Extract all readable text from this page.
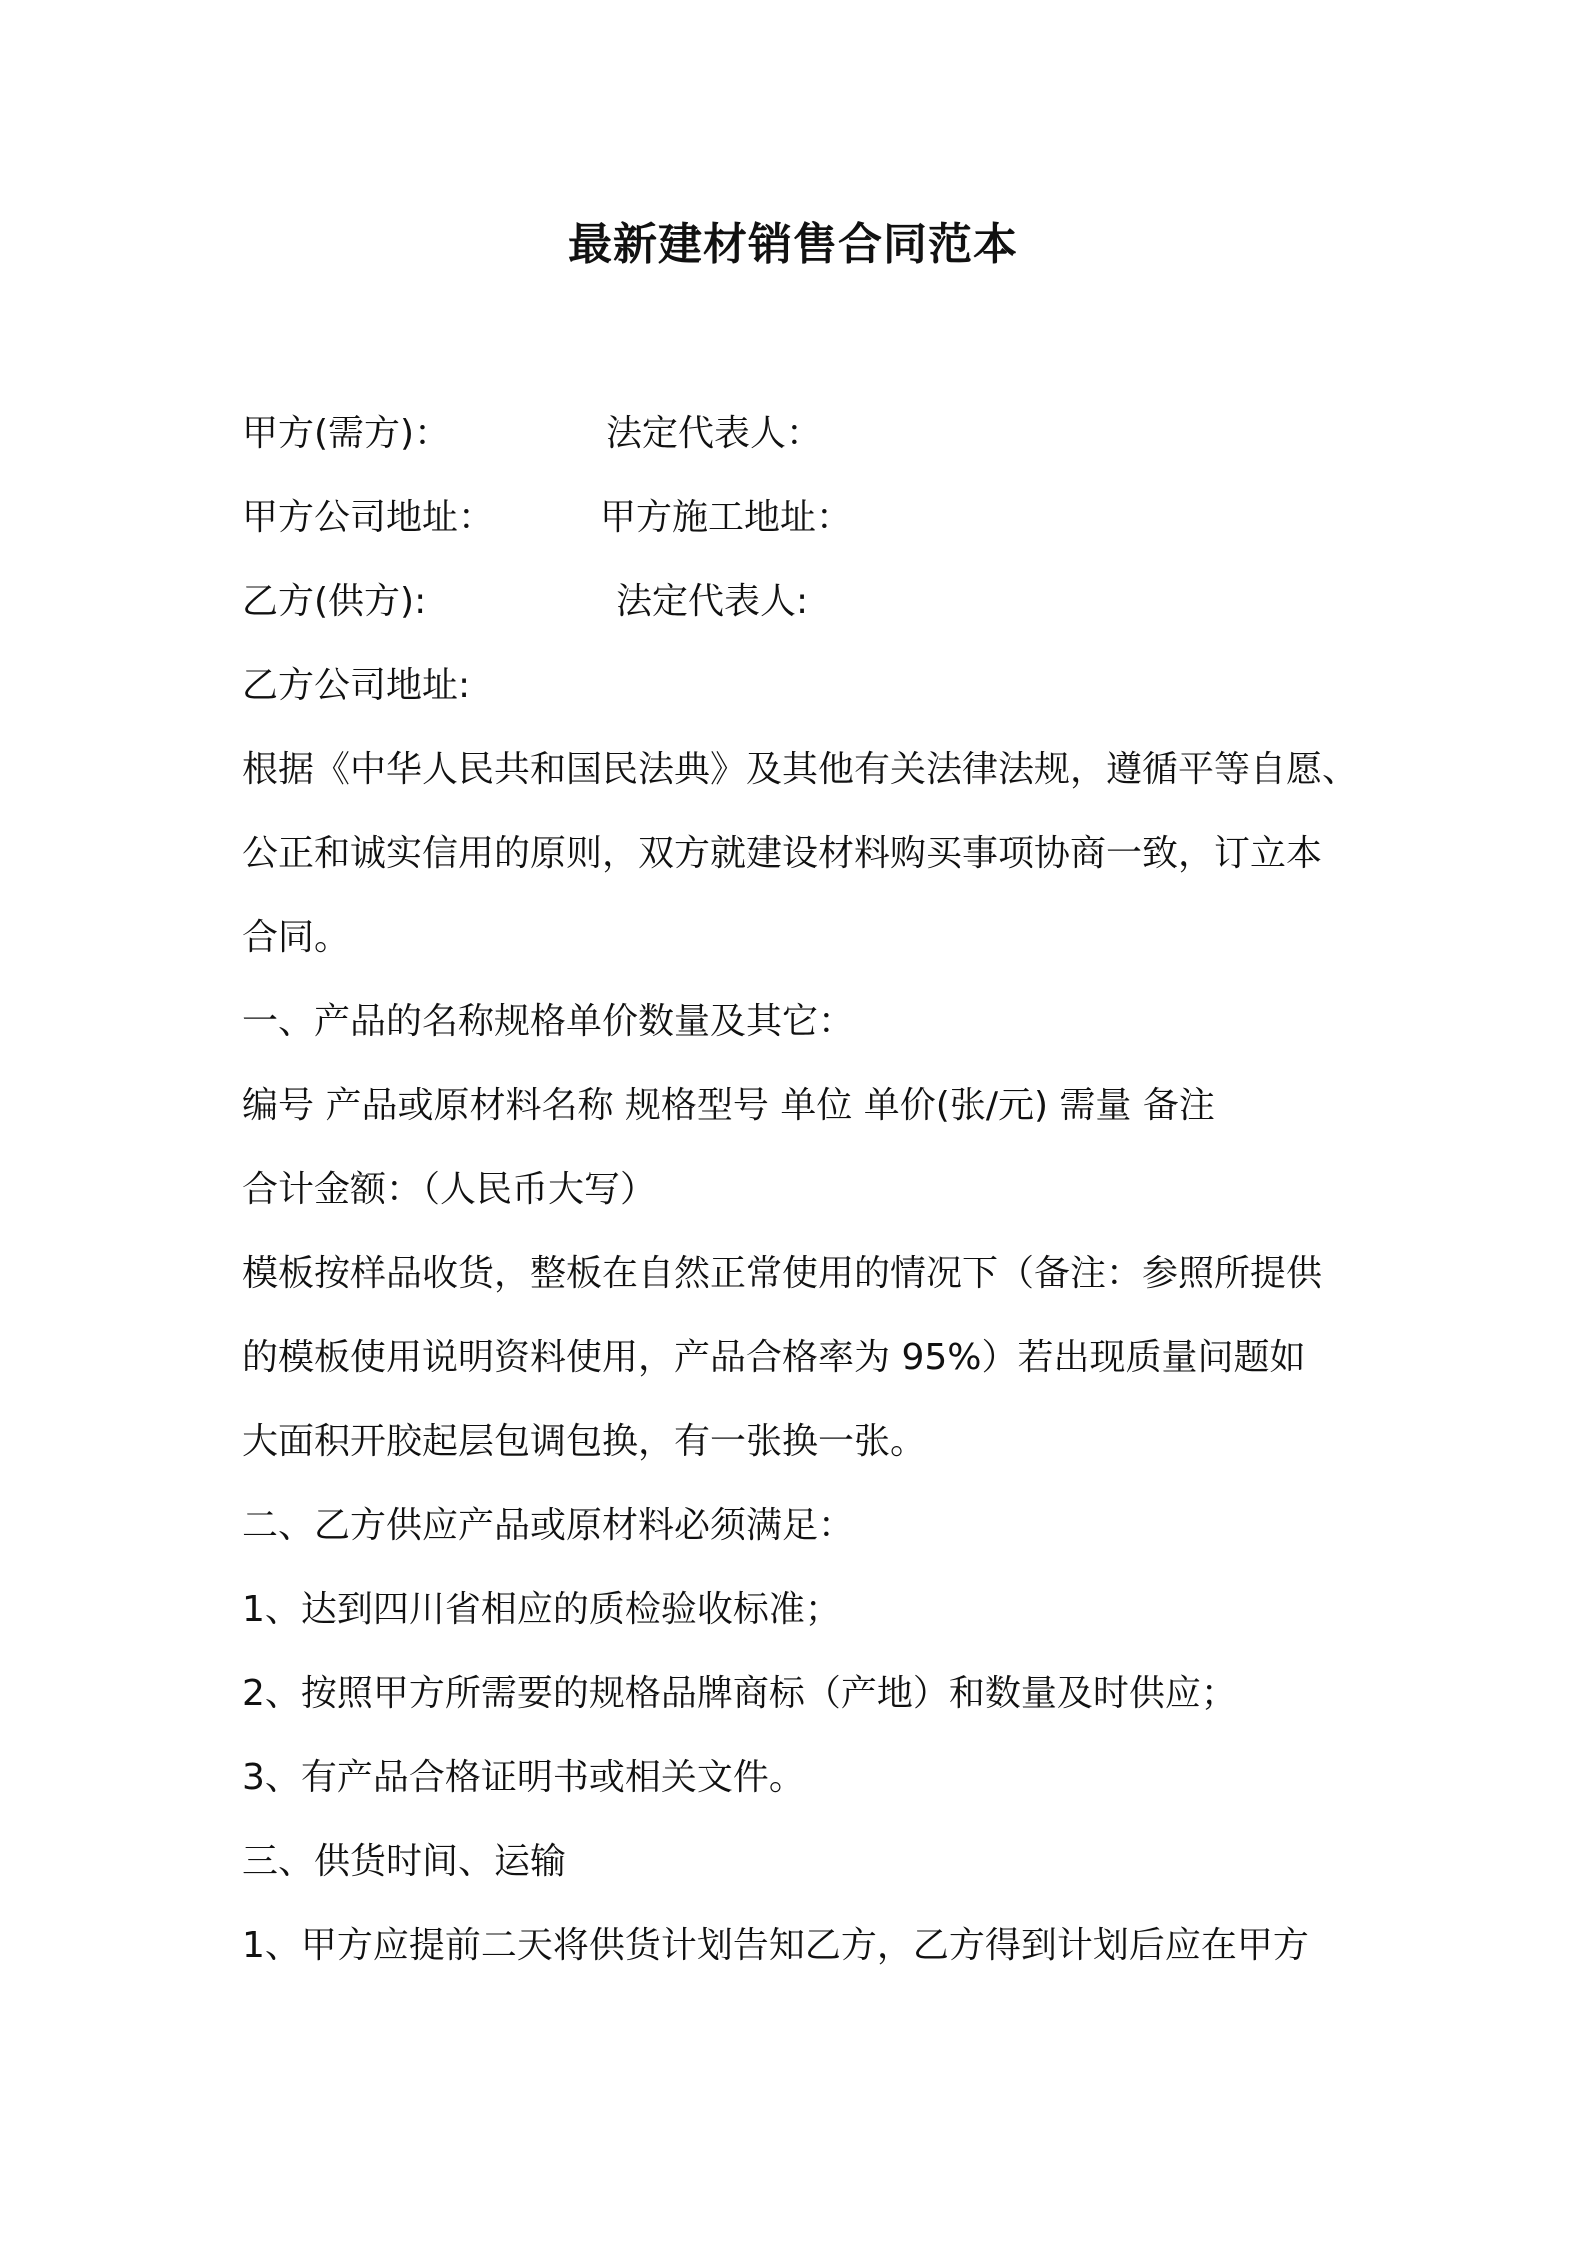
最新建材销售合同范本
甲方(需方)：	法定代表人：
甲方公司地址：	甲方施工地址：
乙方(供方):	法定代表人:

乙方公司地址:

根据《中华人民共和国民法典》及其他有关法律法规，遵循平等自愿、

公正和诚实信用的原则，双方就建设材料购买事项协商一致，订立本

合同。

一、产品的名称规格单价数量及其它：

编号 产品或原材料名称 规格型号 单位 单价(张/元) 需量 备注

合计金额：（人民币大写）

模板按样品收货，整板在自然正常使用的情况下（备注：参照所提供

的模板使用说明资料使用，产品合格率为 95%）若出现质量问题如

大面积开胶起层包调包换，有一张换一张。

二、乙方供应产品或原材料必须满足：

1、达到四川省相应的质检验收标准；

2、按照甲方所需要的规格品牌商标（产地）和数量及时供应；

3、有产品合格证明书或相关文件。

三、供货时间、运输

1、甲方应提前二天将供货计划告知乙方，乙方得到计划后应在甲方
